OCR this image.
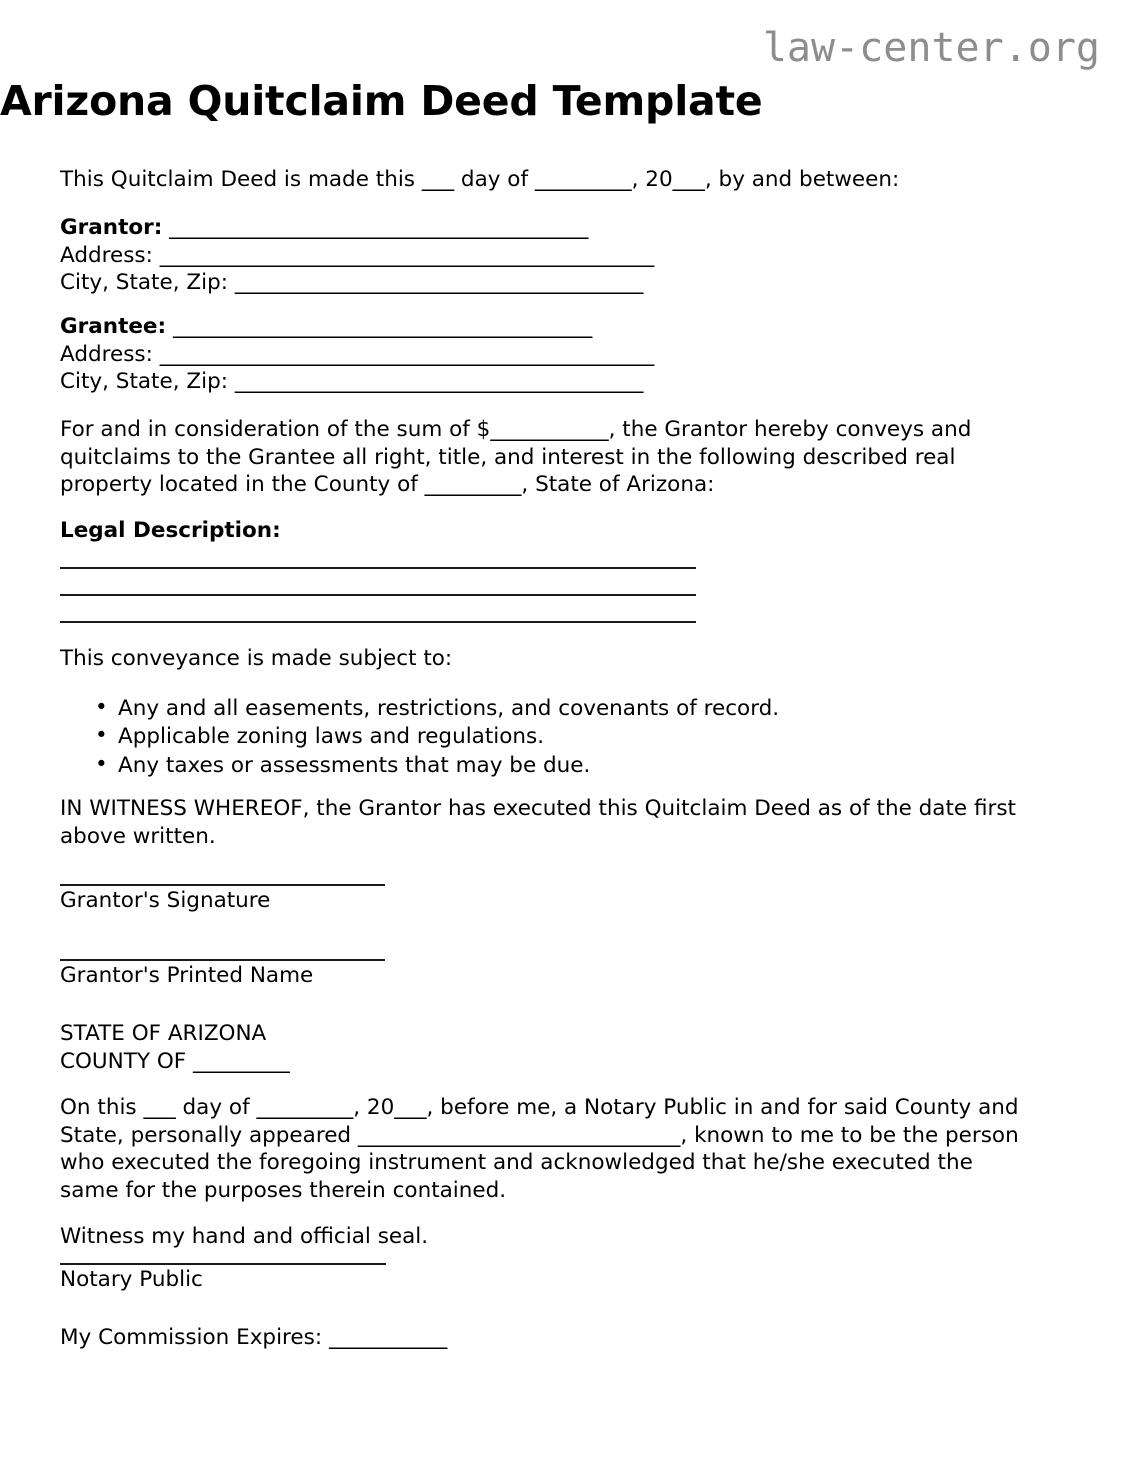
law-center.org
Arizona Quitclaim Deed Template

This Quitclaim Deed is made this ___ day of _________, 20___, by and between:

Grantor: _______________________________________

Address: ______________________________________________

City, State, Zip: ______________________________________

Grantee: _______________________________________

Address: ______________________________________________

City, State, Zip: ______________________________________

For and in consideration of the sum of $___________, the Grantor hereby conveys and quitclaims to the Grantee all right, title, and interest in the following described real property located in the County of _________, State of Arizona:

Legal Description:

This conveyance is made subject to:

• Any and all easements, restrictions, and covenants of record.
• Applicable zoning laws and regulations.
• Any taxes or assessments that may be due.

IN WITNESS WHEREOF, the Grantor has executed this Quitclaim Deed as of the date first above written.

Grantor's Signature
Grantor's Printed Name

STATE OF ARIZONA

COUNTY OF _________

On this ___ day of _________, 20___, before me, a Notary Public in and for said County and State, personally appeared ______________________________, known to me to be the person who executed the foregoing instrument and acknowledged that he/she executed the same for the purposes therein contained.

Witness my hand and official seal.

Notary Public

My Commission Expires: ___________
